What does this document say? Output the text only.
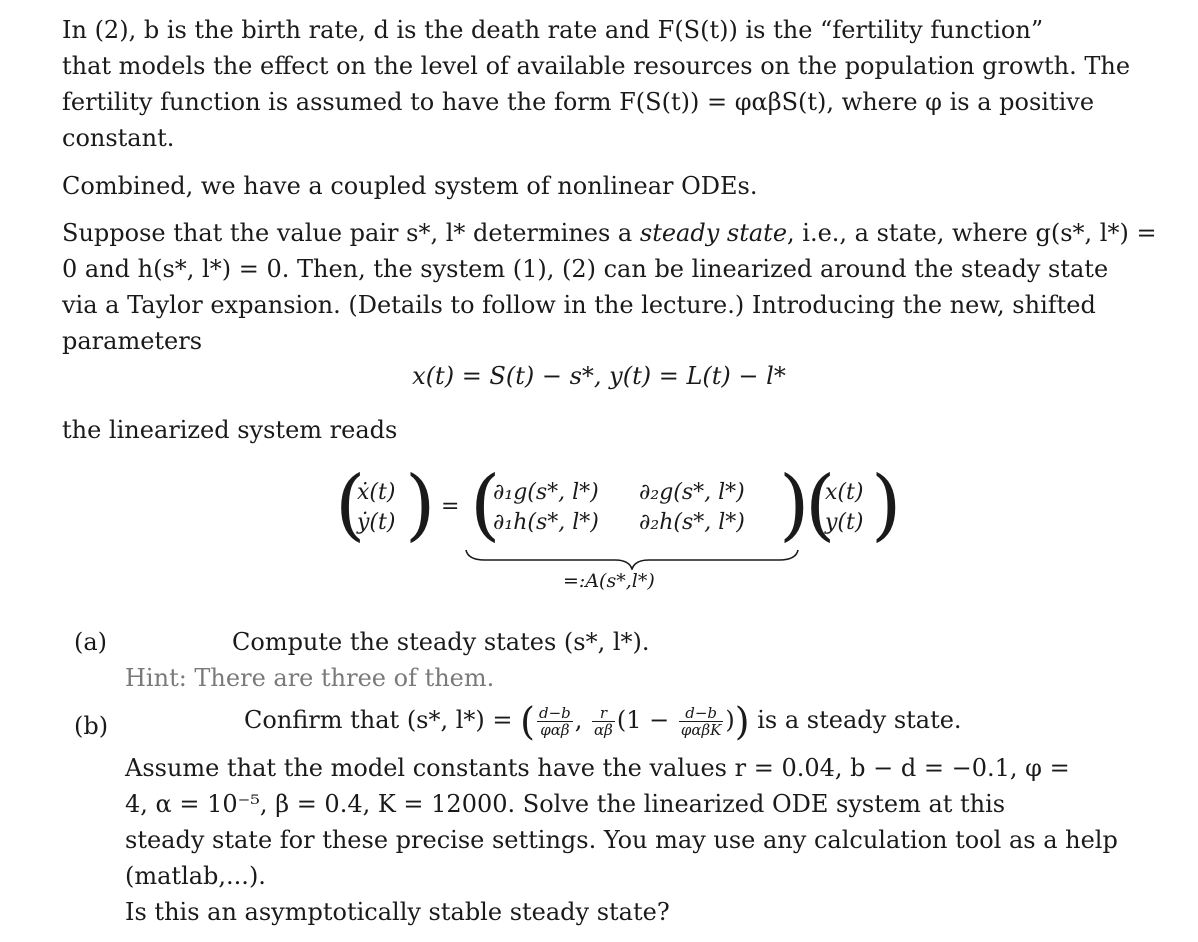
In (2), b is the birth rate, d is the death rate and F(S(t)) is the “fertility function”
that models the effect on the level of available resources on the population growth. The
fertility function is assumed to have the form F(S(t)) = φαβS(t), where φ is a positive
constant.
Combined, we have a coupled system of nonlinear ODEs.
Suppose that the value pair s*, l* determines a steady state, i.e., a state, where g(s*, l*) =
0 and h(s*, l*) = 0. Then, the system (1), (2) can be linearized around the steady state
via a Taylor expansion. (Details to follow in the lecture.) Introducing the new, shifted
parameters
x(t) = S(t) − s*, y(t) = L(t) − l*
the linearized system reads
(
ẋ(t)
ẏ(t) ) = (
∂₁g(s*, l*) ∂₂g(s*, l*)
∂₁h(s*, l*) ∂₂h(s*, l*) )
(
x(t)
y(t) )
=:A(s*,l*)
(a)	Compute the steady states (s*, l*).
Hint: There are three of them.
(b)	Confirm that (s*, l*) = ( $\frac{d-b}{\text{φαβ}}$ , $\frac{r}{\alpha\beta} (1 - \frac{d-b}{\text{φαβK}}$ )) is a steady state.
Assume that the model constants have the values r = 0.04, b − d = −0.1, φ =
4, α = 10⁻⁵, β = 0.4, K = 12000. Solve the linearized ODE system at this
steady state for these precise settings. You may use any calculation tool as a help
(matlab,...).
Is this an asymptotically stable steady state?
